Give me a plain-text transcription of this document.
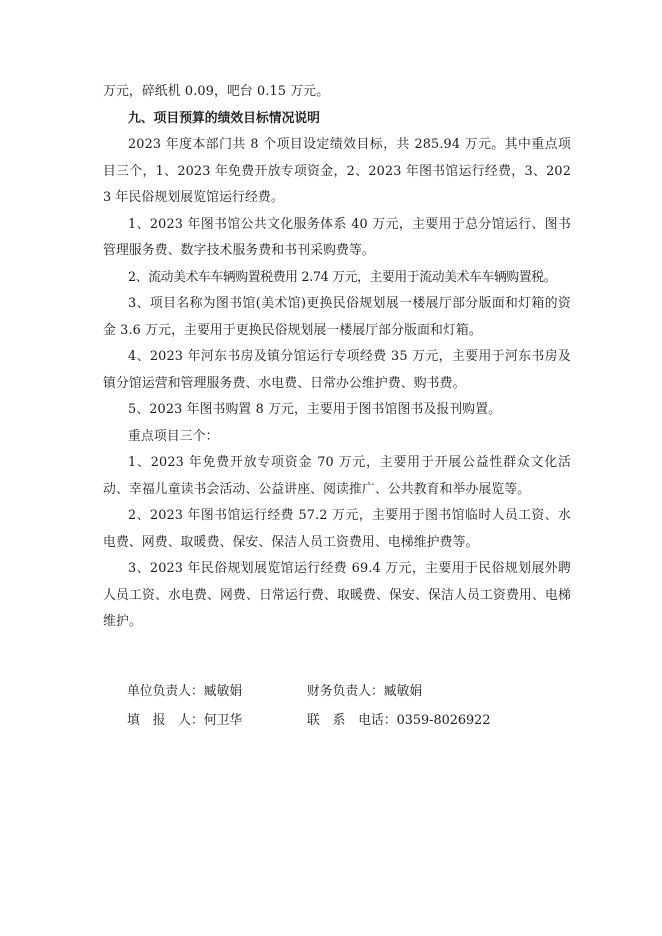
万元，碎纸机 0.09，吧台 0.15 万元。

九、项目预算的绩效目标情况说明

2023 年度本部门共 8 个项目设定绩效目标，共 285.94 万元。其中重点项目三个，1、2023 年免费开放专项资金，2、2023 年图书馆运行经费，3、2023 年民俗规划展览馆运行经费。

1、2023 年图书馆公共文化服务体系 40 万元，主要用于总分馆运行、图书管理服务费、数字技术服务费和书刊采购费等。

2、流动美术车车辆购置税费用 2.74 万元，主要用于流动美术车车辆购置税。

3、项目名称为图书馆(美术馆)更换民俗规划展一楼展厅部分版面和灯箱的资金 3.6 万元，主要用于更换民俗规划展一楼展厅部分版面和灯箱。

4、2023 年河东书房及镇分馆运行专项经费 35 万元，主要用于河东书房及镇分馆运营和管理服务费、水电费、日常办公维护费、购书费。

5、2023 年图书购置 8 万元，主要用于图书馆图书及报刊购置。

重点项目三个：

1、2023 年免费开放专项资金 70 万元，主要用于开展公益性群众文化活动、幸福儿童读书会活动、公益讲座、阅读推广、公共教育和举办展览等。

2、2023 年图书馆运行经费 57.2 万元，主要用于图书馆临时人员工资、水电费、网费、取暖费、保安、保洁人员工资费用、电梯维护费等。

3、2023 年民俗规划展览馆运行经费 69.4 万元，主要用于民俗规划展外聘人员工资、水电费、网费、日常运行费、取暖费、保安、保洁人员工资费用、电梯维护。

单位负责人：臧敏娟	财务负责人：臧敏娟
填　报　人：何卫华	联　系　电话：0359-8026922
